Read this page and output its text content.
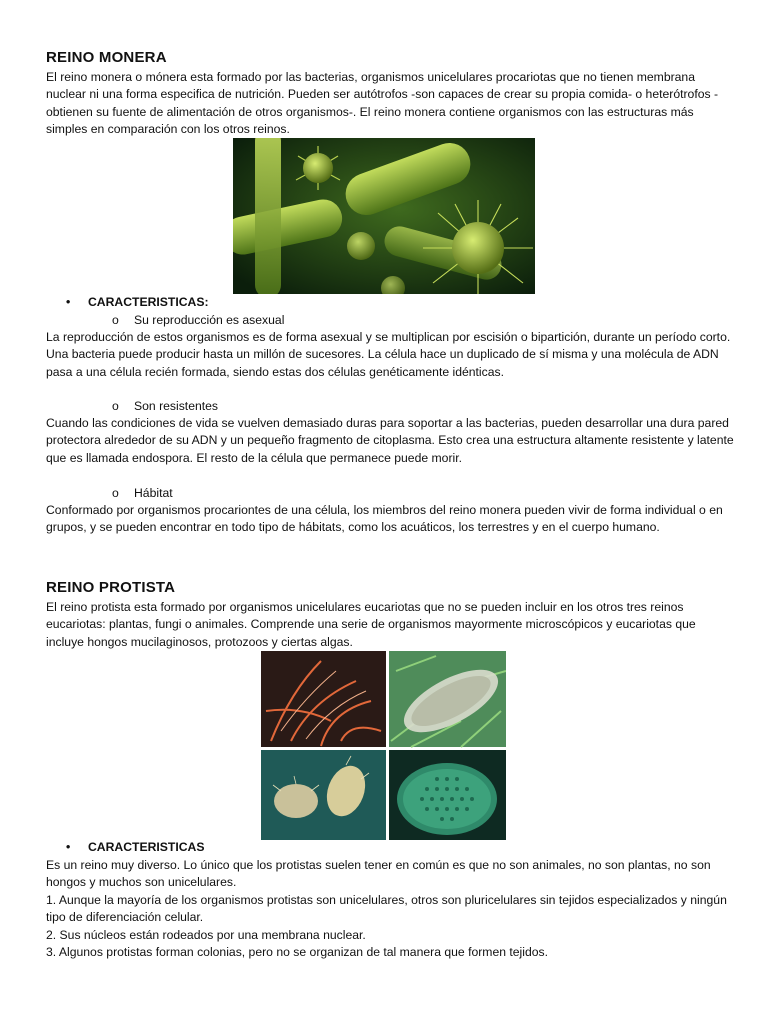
REINO MONERA

El reino monera o mónera esta formado por las bacterias, organismos unicelulares procariotas que no tienen membrana nuclear ni una forma especifica de nutrición. Pueden ser autótrofos -son capaces de crear su propia comida- o heterótrofos -obtienen su fuente de alimentación de otros organismos-. El reino monera contiene organismos con las estructuras más simples en comparación con los otros reinos.

• CARACTERISTICAS:
o Su reproducción es asexual

La reproducción de estos organismos es de forma asexual y se multiplican por escisión o bipartición, durante un período corto. Una bacteria puede producir hasta un millón de sucesores. La célula hace un duplicado de sí misma y una molécula de ADN pasa a una célula recién formada, siendo estas dos células genéticamente idénticas.

o Son resistentes

Cuando las condiciones de vida se vuelven demasiado duras para soportar a las bacterias, pueden desarrollar una dura pared protectora alrededor de su ADN y un pequeño fragmento de citoplasma. Esto crea una estructura altamente resistente y latente que es llamada endospora. El resto de la célula que permanece puede morir.

o Hábitat

Conformado por organismos procariontes de una célula, los miembros del reino monera pueden vivir de forma individual o en grupos, y se pueden encontrar en todo tipo de hábitats, como los acuáticos, los terrestres y en el cuerpo humano.

REINO PROTISTA

El reino protista esta formado por organismos unicelulares eucariotas que no se pueden incluir en los otros tres reinos eucariotas: plantas, fungi o animales. Comprende una serie de organismos mayormente microscópicos y eucariotas que incluye hongos mucilaginosos, protozoos y ciertas algas.

• CARACTERISTICAS

Es un reino muy diverso. Lo único que los protistas suelen tener en común es que no son animales, no son plantas, no son hongos y muchos son unicelulares.

1. Aunque la mayoría de los organismos protistas son unicelulares, otros son pluricelulares sin tejidos especializados y ningún tipo de diferenciación celular.

2. Sus núcleos están rodeados por una membrana nuclear.

3. Algunos protistas forman colonias, pero no se organizan de tal manera que formen tejidos.
